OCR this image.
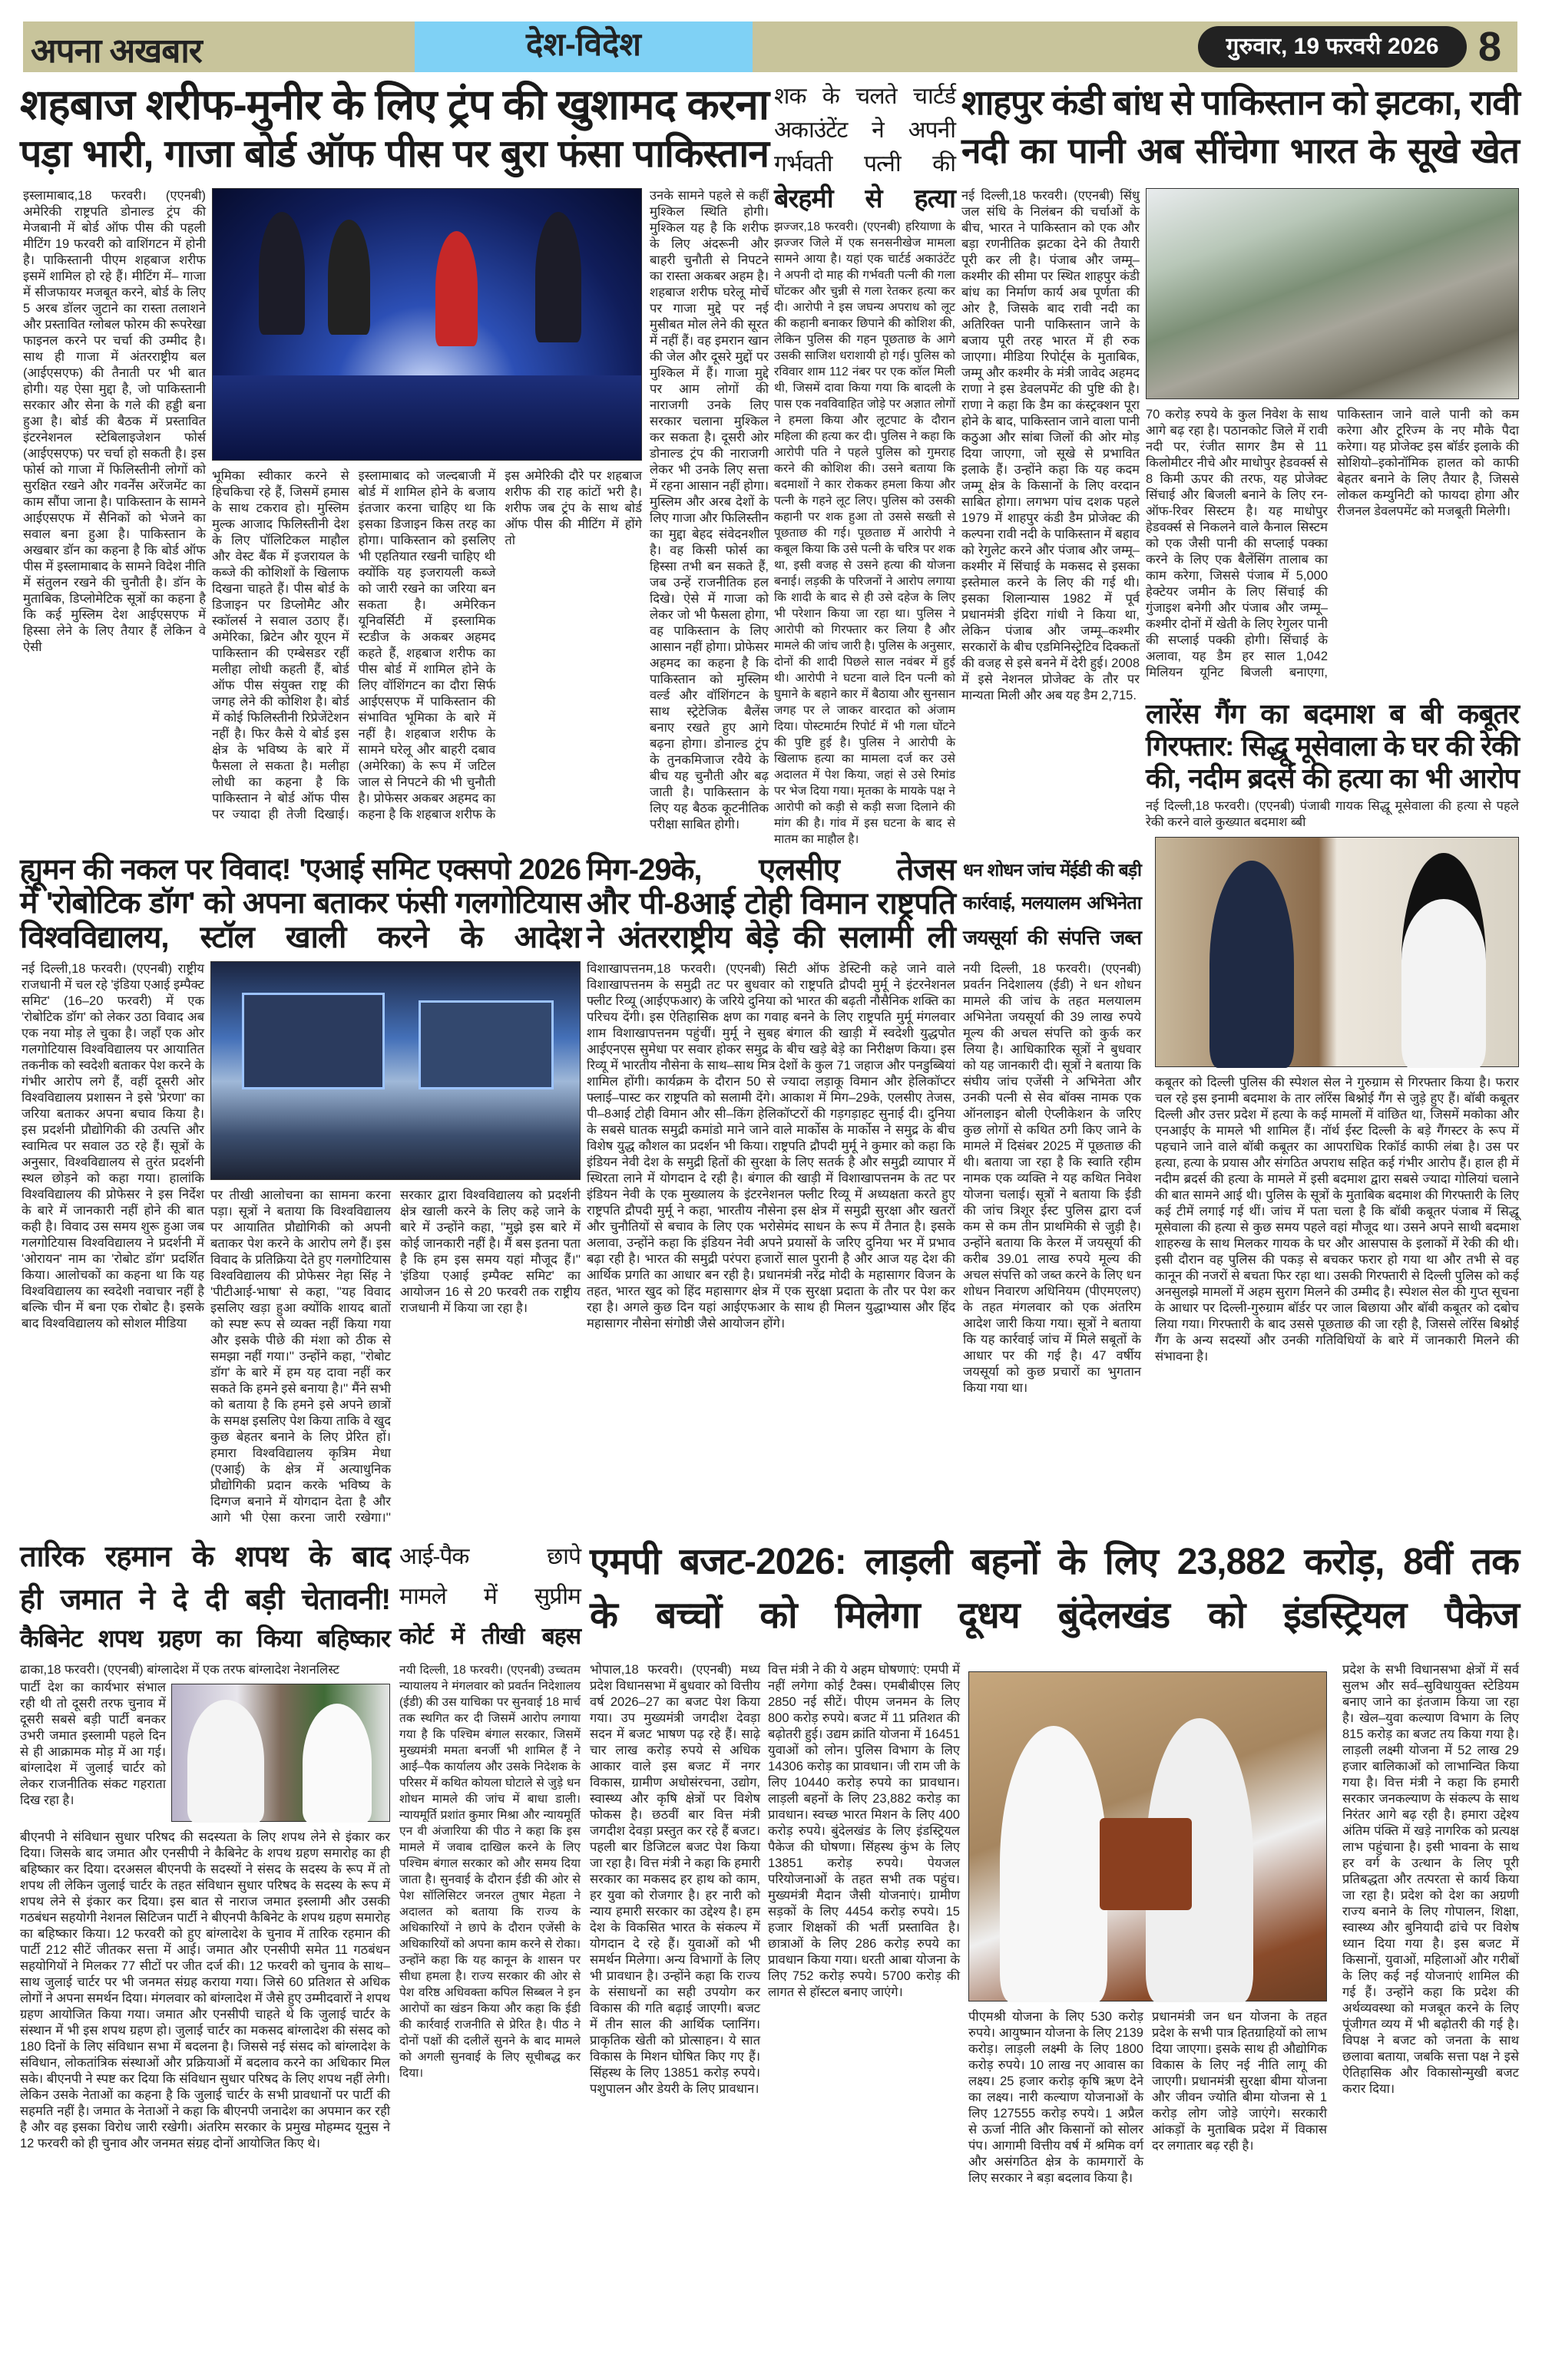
अपना अखबार	देश-विदेश	गुरुवार, 19 फरवरी 2026 8
शहबाज शरीफ-मुनीर के लिए ट्रंप की खुशामद करना
पड़ा भारी, गाजा बोर्ड ऑफ पीस पर बुरा फंसा पाकिस्तान
इस्लामाबाद,18 फरवरी। (एएनबी) अमेरिकी राष्ट्रपति डोनाल्ड ट्रंप की मेजबानी में बोर्ड ऑफ पीस की पहली मीटिंग 19 फरवरी को वाशिंगटन में होनी है। पाकिस्तानी पीएम शहबाज शरीफ इसमें शामिल हो रहे हैं। मीटिंग में– गाजा में सीजफायर मजबूत करने, बोर्ड के लिए 5 अरब डॉलर जुटाने का रास्ता तलाशने और प्रस्तावित ग्लोबल फोरम की रूपरेखा फाइनल करने पर चर्चा की उम्मीद है। साथ ही गाजा में अंतरराष्ट्रीय बल (आईएसएफ) की तैनाती पर भी बात होगी। यह ऐसा मुद्दा है, जो पाकिस्तानी सरकार और सेना के गले की हड्डी बना हुआ है। बोर्ड की बैठक में प्रस्तावित इंटरनेशनल स्टेबिलाइजेशन फोर्स (आईएसएफ) पर चर्चा हो सकती है। इस फोर्स को गाजा में फिलिस्तीनी लोगों को सुरक्षित रखने और गवर्नेंस अरेंजमेंट का काम सौंपा जाना है। पाकिस्तान के सामने आईएसएफ में सैनिकों को भेजने का सवाल बना हुआ है। पाकिस्तान के अखबार डॉन का कहना है कि बोर्ड ऑफ पीस में इस्लामाबाद के सामने विदेश नीति में संतुलन रखने की चुनौती है। डॉन के मुताबिक, डिप्लोमेटिक सूत्रों का कहना है कि कई मुस्लिम देश आईएसएफ में हिस्सा लेने के लिए तैयार हैं लेकिन वे ऐसी
भूमिका स्वीकार करने से हिचकिचा रहे हैं, जिसमें हमास के साथ टकराव हो। मुस्लिम मुल्क आजाद फिलिस्तीनी देश के लिए पॉलिटिकल माहौल और वेस्ट बैंक में इजरायल के कब्जे की कोशिशों के खिलाफ दिखना चाहते हैं। पीस बोर्ड के डिजाइन पर डिप्लोमैट और स्कॉलर्स ने सवाल उठाए हैं। अमेरिका, ब्रिटेन और यूएन में पाकिस्तान की एम्बेसडर रहीं मलीहा लोधी कहती हैं, बोर्ड ऑफ पीस संयुक्त राष्ट्र की जगह लेने की कोशिश है। बोर्ड में कोई फिलिस्तीनी रिप्रेजेंटेशन नहीं है। फिर कैसे ये बोर्ड इस क्षेत्र के भविष्य के बारे में फैसला ले सकता है। मलीहा लोधी का कहना है कि पाकिस्तान ने बोर्ड ऑफ पीस पर ज्यादा ही तेजी दिखाई। इस्लामाबाद को जल्दबाजी में बोर्ड में शामिल होने के बजाय इंतजार करना चाहिए था कि इसका डिजाइन किस तरह का होगा। पाकिस्तान को इसलिए भी एहतियात रखनी चाहिए थी क्योंकि यह इजरायली कब्जे को जारी रखने का जरिया बन सकता है। अमेरिकन यूनिवर्सिटी में इस्लामिक स्टडीज के अकबर अहमद कहते हैं, शहबाज शरीफ का पीस बोर्ड में शामिल होने के लिए वॉशिंगटन का दौरा सिर्फ आईएसएफ में पाकिस्तान की संभावित भूमिका के बारे में नहीं है। शहबाज शरीफ के सामने घरेलू और बाहरी दबाव (अमेरिका) के रूप में जटिल जाल से निपटने की भी चुनौती है। प्रोफेसर अकबर अहमद का कहना है कि शहबाज शरीफ के इस अमेरिकी दौरे पर शहबाज शरीफ की राह कांटों भरी है। शरीफ जब ट्रंप के साथ बोर्ड ऑफ पीस की मीटिंग में होंगे तो
उनके सामने पहले से कहीं मुश्किल स्थिति होगी। मुश्किल यह है कि शरीफ के लिए अंदरूनी और बाहरी चुनौती से निपटने का रास्ता अकबर अहम है। शहबाज शरीफ घरेलू मोर्चे पर गाजा मुद्दे पर नई मुसीबत मोल लेने की सूरत में नहीं हैं। वह इमरान खान की जेल और दूसरे मुद्दों पर मुश्किल में हैं। गाजा मुद्दे पर आम लोगों की नाराजगी उनके लिए सरकार चलाना मुश्किल कर सकता है। दूसरी ओर डोनाल्ड ट्रंप की नाराजगी लेकर भी उनके लिए सत्ता में रहना आसान नहीं होगा। मुस्लिम और अरब देशों के लिए गाजा और फिलिस्तीन का मुद्दा बेहद संवेदनशील है। वह किसी फोर्स का हिस्सा तभी बन सकते हैं, जब उन्हें राजनीतिक हल दिखे। ऐसे में गाजा को लेकर जो भी फैसला होगा, वह पाकिस्तान के लिए आसान नहीं होगा। प्रोफेसर अहमद का कहना है कि पाकिस्तान को मुस्लिम वर्ल्ड और वॉशिंगटन के साथ स्ट्रेटेजिक बैलेंस बनाए रखते हुए आगे बढ़ना होगा। डोनाल्ड ट्रंप के तुनकमिजाज रवैये के बीच यह चुनौती और बढ़ जाती है। पाकिस्तान के लिए यह बैठक कूटनीतिक परीक्षा साबित होगी।
शक के चलते चार्टर्ड
अकाउंटेंट ने अपनी
गर्भवती पत्नी की
बेरहमी से हत्या
झज्जर,18 फरवरी। (एएनबी) हरियाणा के झज्जर जिले में एक सनसनीखेज मामला सामने आया है। यहां एक चार्टर्ड अकाउंटेंट ने अपनी दो माह की गर्भवती पत्नी की गला घोंटकर और चुन्नी से गला रेतकर हत्या कर दी। आरोपी ने इस जघन्य अपराध को लूट की कहानी बनाकर छिपाने की कोशिश की, लेकिन पुलिस की गहन पूछताछ के आगे उसकी साजिश धराशायी हो गई। पुलिस को रविवार शाम 112 नंबर पर एक कॉल मिली थी, जिसमें दावा किया गया कि बादली के पास एक नवविवाहित जोड़े पर अज्ञात लोगों ने हमला किया और लूटपाट के दौरान महिला की हत्या कर दी। पुलिस ने कहा कि आरोपी पति ने पहले पुलिस को गुमराह करने की कोशिश की। उसने बताया कि बदमाशों ने कार रोककर हमला किया और पत्नी के गहने लूट लिए। पुलिस को उसकी कहानी पर शक हुआ तो उससे सख्ती से पूछताछ की गई। पूछताछ में आरोपी ने कबूल किया कि उसे पत्नी के चरित्र पर शक था, इसी वजह से उसने हत्या की योजना बनाई। लड़की के परिजनों ने आरोप लगाया कि शादी के बाद से ही उसे दहेज के लिए भी परेशान किया जा रहा था। पुलिस ने आरोपी को गिरफ्तार कर लिया है और मामले की जांच जारी है। पुलिस के अनुसार, दोनों की शादी पिछले साल नवंबर में हुई थी। आरोपी ने घटना वाले दिन पत्नी को घुमाने के बहाने कार में बैठाया और सुनसान जगह पर ले जाकर वारदात को अंजाम दिया। पोस्टमार्टम रिपोर्ट में भी गला घोंटने की पुष्टि हुई है। पुलिस ने आरोपी के खिलाफ हत्या का मामला दर्ज कर उसे अदालत में पेश किया, जहां से उसे रिमांड पर भेज दिया गया। मृतका के मायके पक्ष ने आरोपी को कड़ी से कड़ी सजा दिलाने की मांग की है। गांव में इस घटना के बाद से मातम का माहौल है।
शाहपुर कंडी बांध से पाकिस्तान को झटका, रावी
नदी का पानी अब सींचेगा भारत के सूखे खेत
नई दिल्ली,18 फरवरी। (एएनबी) सिंधु जल संधि के निलंबन की चर्चाओं के बीच, भारत ने पाकिस्तान को एक और बड़ा रणनीतिक झटका देने की तैयारी पूरी कर ली है। पंजाब और जम्मू–कश्मीर की सीमा पर स्थित शाहपुर कंडी बांध का निर्माण कार्य अब पूर्णता की ओर है, जिसके बाद रावी नदी का अतिरिक्त पानी पाकिस्तान जाने के बजाय पूरी तरह भारत में ही रुक जाएगा। मीडिया रिपोर्ट्स के मुताबिक, जम्मू और कश्मीर के मंत्री जावेद अहमद राणा ने इस डेवलपमेंट की पुष्टि की है। राणा ने कहा कि डैम का कंस्ट्रक्शन पूरा होने के बाद, पाकिस्तान जाने वाला पानी कठुआ और सांबा जिलों की ओर मोड़ दिया जाएगा, जो सूखे से प्रभावित इलाके हैं। उन्होंने कहा कि यह कदम जम्मू क्षेत्र के किसानों के लिए वरदान साबित होगा। लगभग पांच दशक पहले 1979 में शाहपुर कंडी डैम प्रोजेक्ट की कल्पना रावी नदी के पाकिस्तान में बहाव को रेगुलेट करने और पंजाब और जम्मू–कश्मीर में सिंचाई के मकसद से इसका इस्तेमाल करने के लिए की गई थी। इसका शिलान्यास 1982 में पूर्व प्रधानमंत्री इंदिरा गांधी ने किया था, लेकिन पंजाब और जम्मू–कश्मीर सरकारों के बीच एडमिनिस्ट्रेटिव दिक्कतों की वजह से इसे बनने में देरी हुई। 2008 में इसे नेशनल प्रोजेक्ट के तौर पर मान्यता मिली और अब यह डैम 2,715.
70 करोड़ रुपये के कुल निवेश के साथ आगे बढ़ रहा है। पठानकोट जिले में रावी नदी पर, रंजीत सागर डैम से 11 किलोमीटर नीचे और माधोपुर हेडवर्क्स से 8 किमी ऊपर की तरफ, यह प्रोजेक्ट सिंचाई और बिजली बनाने के लिए रन-ऑफ-रिवर सिस्टम है। यह माधोपुर हेडवर्क्स से निकलने वाले कैनाल सिस्टम को एक जैसी पानी की सप्लाई पक्का करने के लिए एक बैलेंसिंग तालाब का काम करेगा, जिससे पंजाब में 5,000 हेक्टेयर जमीन के लिए सिंचाई की गुंजाइश बनेगी और पंजाब और जम्मू–कश्मीर दोनों में खेती के लिए रेगुलर पानी की सप्लाई पक्की होगी। सिंचाई के अलावा, यह डैम हर साल 1,042 मिलियन यूनिट बिजली बनाएगा, पाकिस्तान जाने वाले पानी को कम करेगा और टूरिज्म के नए मौके पैदा करेगा। यह प्रोजेक्ट इस बॉर्डर इलाके की सोशियो–इकोनॉमिक हालत को काफी बेहतर बनाने के लिए तैयार है, जिससे लोकल कम्युनिटी को फायदा होगा और रीजनल डेवलपमेंट को मजबूती मिलेगी।
लारेंस गैंग का बदमाश ब बी कबूतर
गिरफ्तार: सिद्धू मूसेवाला के घर की रेकी
की, नदीम ब्रदर्स की हत्या का भी आरोप
नई दिल्ली,18 फरवरी। (एएनबी) पंजाबी गायक सिद्धू मूसेवाला की हत्या से पहले रेकी करने वाले कुख्यात बदमाश ब्बी
कबूतर को दिल्ली पुलिस की स्पेशल सेल ने गुरुग्राम से गिरफ्तार किया है। फरार चल रहे इस इनामी बदमाश के तार लॉरेंस बिश्नोई गैंग से जुड़े हुए हैं। बॉबी कबूतर दिल्ली और उत्तर प्रदेश में हत्या के कई मामलों में वांछित था, जिसमें मकोका और एनआईए के मामले भी शामिल हैं। नॉर्थ ईस्ट दिल्ली के बड़े गैंगस्टर के रूप में पहचाने जाने वाले बॉबी कबूतर का आपराधिक रिकॉर्ड काफी लंबा है। उस पर हत्या, हत्या के प्रयास और संगठित अपराध सहित कई गंभीर आरोप हैं। हाल ही में नदीम ब्रदर्स की हत्या के मामले में इसी बदमाश द्वारा सबसे ज्यादा गोलियां चलाने की बात सामने आई थी। पुलिस के सूत्रों के मुताबिक बदमाश की गिरफ्तारी के लिए कई टीमें लगाई गई थीं। जांच में पता चला है कि बॉबी कबूतर पंजाब में सिद्धू मूसेवाला की हत्या से कुछ समय पहले वहां मौजूद था। उसने अपने साथी बदमाश शाहरुख के साथ मिलकर गायक के घर और आसपास के इलाकों में रेकी की थी। इसी दौरान वह पुलिस की पकड़ से बचकर फरार हो गया था और तभी से वह कानून की नजरों से बचता फिर रहा था। उसकी गिरफ्तारी से दिल्ली पुलिस को कई अनसुलझे मामलों में अहम सुराग मिलने की उम्मीद है। स्पेशल सेल की गुप्त सूचना के आधार पर दिल्ली-गुरुग्राम बॉर्डर पर जाल बिछाया और बॉबी कबूतर को दबोच लिया गया। गिरफ्तारी के बाद उससे पूछताछ की जा रही है, जिससे लॉरेंस बिश्नोई गैंग के अन्य सदस्यों और उनकी गतिविधियों के बारे में जानकारी मिलने की संभावना है।
ह्यूमन की नकल पर विवाद! 'एआई समिट एक्सपो 2026
में 'रोबोटिक डॉग' को अपना बताकर फंसी गलगोटियास
विश्वविद्यालय, स्टॉल खाली करने के आदेश
नई दिल्ली,18 फरवरी। (एएनबी) राष्ट्रीय राजधानी में चल रहे 'इंडिया एआई इम्पैक्ट समिट' (16–20 फरवरी) में एक 'रोबोटिक डॉग' को लेकर उठा विवाद अब एक नया मोड़ ले चुका है। जहाँ एक ओर गलगोटियास विश्वविद्यालय पर आयातित तकनीक को स्वदेशी बताकर पेश करने के गंभीर आरोप लगे हैं, वहीं दूसरी ओर विश्वविद्यालय प्रशासन ने इसे 'प्रेरणा' का जरिया बताकर अपना बचाव किया है। इस प्रदर्शनी प्रौद्योगिकी की उत्पत्ति और स्वामित्व पर सवाल उठ रहे हैं। सूत्रों के अनुसार, विश्वविद्यालय से तुरंत प्रदर्शनी स्थल छोड़ने को कहा गया। हालांकि विश्वविद्यालय की प्रोफेसर ने इस निर्देश के बारे में जानकारी नहीं होने की बात कही है। विवाद उस समय शुरू हुआ जब गलगोटियास विश्वविद्यालय ने प्रदर्शनी में 'ओरायन' नाम का 'रोबोट डॉग' प्रदर्शित किया। आलोचकों का कहना था कि यह विश्वविद्यालय का स्वदेशी नवाचार नहीं है बल्कि चीन में बना एक रोबोट है। इसके बाद विश्वविद्यालय को सोशल मीडिया
पर तीखी आलोचना का सामना करना पड़ा। सूत्रों ने बताया कि विश्वविद्यालय पर आयातित प्रौद्योगिकी को अपनी बताकर पेश करने के आरोप लगे हैं। इस विवाद के प्रतिक्रिया देते हुए गलगोटियास विश्वविद्यालय की प्रोफेसर नेहा सिंह ने 'पीटीआई-भाषा' से कहा, ''यह विवाद इसलिए खड़ा हुआ क्योंकि शायद बातों को स्पष्ट रूप से व्यक्त नहीं किया गया और इसके पीछे की मंशा को ठीक से समझा नहीं गया।'' उन्होंने कहा, ''रोबोट डॉग' के बारे में हम यह दावा नहीं कर सकते कि हमने इसे बनाया है।'' मैंने सभी को बताया है कि हमने इसे अपने छात्रों के समक्ष इसलिए पेश किया ताकि वे खुद कुछ बेहतर बनाने के लिए प्रेरित हों। हमारा विश्वविद्यालय कृत्रिम मेधा (एआई) के क्षेत्र में अत्याधुनिक प्रौद्योगिकी प्रदान करके भविष्य के दिग्गज बनाने में योगदान देता है और आगे भी ऐसा करना जारी रखेगा।'' सरकार द्वारा विश्वविद्यालय को प्रदर्शनी क्षेत्र खाली करने के लिए कहे जाने के बारे में उन्होंने कहा, ''मुझे इस बारे में कोई जानकारी नहीं है। मैं बस इतना पता है कि हम इस समय यहां मौजूद हैं।'' 'इंडिया एआई इम्पैक्ट समिट' का आयोजन 16 से 20 फरवरी तक राष्ट्रीय राजधानी में किया जा रहा है।
मिग-29के, एलसीए तेजस
और पी-8आई टोही विमान राष्ट्रपति
ने अंतरराष्ट्रीय बेड़े की सलामी ली
विशाखापत्तनम,18 फरवरी। (एएनबी) सिटी ऑफ डेस्टिनी कहे जाने वाले विशाखापत्तनम के समुद्री तट पर बुधवार को राष्ट्रपति द्रौपदी मुर्मू ने इंटरनेशनल फ्लीट रिव्यू (आईएफआर) के जरिये दुनिया को भारत की बढ़ती नौसैनिक शक्ति का परिचय देंगी। इस ऐतिहासिक क्षण का गवाह बनने के लिए राष्ट्रपति मुर्मू मंगलवार शाम विशाखापत्तनम पहुंचीं। मुर्मू ने सुबह बंगाल की खाड़ी में स्वदेशी युद्धपोत आईएनएस सुमेधा पर सवार होकर समुद्र के बीच खड़े बेड़े का निरीक्षण किया। इस रिव्यू में भारतीय नौसेना के साथ–साथ मित्र देशों के कुल 71 जहाज और पनडुब्बियां शामिल होंगी। कार्यक्रम के दौरान 50 से ज्यादा लड़ाकू विमान और हेलिकॉप्टर फ्लाई–पास्ट कर राष्ट्रपति को सलामी देंगे। आकाश में मिग–29के, एलसीए तेजस, पी–8आई टोही विमान और सी–किंग हेलिकॉप्टरों की गड़गड़ाहट सुनाई दी। दुनिया के सबसे घातक समुद्री कमांडो माने जाने वाले मार्कोस के मार्कोस ने समुद्र के बीच विशेष युद्ध कौशल का प्रदर्शन भी किया। राष्ट्रपति द्रौपदी मुर्मू ने कुमार को कहा कि इंडियन नेवी देश के समुद्री हितों की सुरक्षा के लिए सतर्क है और समुद्री व्यापार में स्थिरता लाने में योगदान दे रही है। बंगाल की खाड़ी में विशाखापत्तनम के तट पर इंडियन नेवी के एक मुख्यालय के इंटरनेशनल फ्लीट रिव्यू में अध्यक्षता करते हुए राष्ट्रपति द्रौपदी मुर्मू ने कहा, भारतीय नौसेना इस क्षेत्र में समुद्री सुरक्षा और खतरों और चुनौतियों से बचाव के लिए एक भरोसेमंद साधन के रूप में तैनात है। इसके अलावा, उन्होंने कहा कि इंडियन नेवी अपने प्रयासों के जरिए दुनिया भर में प्रभाव बढ़ा रही है। भारत की समुद्री परंपरा हजारों साल पुरानी है और आज यह देश की आर्थिक प्रगति का आधार बन रही है। प्रधानमंत्री नरेंद्र मोदी के महासागर विजन के तहत, भारत खुद को हिंद महासागर क्षेत्र में एक सुरक्षा प्रदाता के तौर पर पेश कर रहा है। अगले कुछ दिन यहां आईएफआर के साथ ही मिलन युद्धाभ्यास और हिंद महासागर नौसेना संगोष्ठी जैसे आयोजन होंगे।
धन शोधन जांच मेंईडी की बड़ी
कार्रवाई, मलयालम अभिनेता
जयसूर्या की संपत्ति जब्त
नयी दिल्ली, 18 फरवरी। (एएनबी) प्रवर्तन निदेशालय (ईडी) ने धन शोधन मामले की जांच के तहत मलयालम अभिनेता जयसूर्या की 39 लाख रुपये मूल्य की अचल संपत्ति को कुर्क कर लिया है। आधिकारिक सूत्रों ने बुधवार को यह जानकारी दी। सूत्रों ने बताया कि संघीय जांच एजेंसी ने अभिनेता और उनकी पत्नी से सेव बॉक्स नामक एक ऑनलाइन बोली ऐप्लीकेशन के जरिए कुछ लोगों से कथित ठगी किए जाने के मामले में दिसंबर 2025 में पूछताछ की थी। बताया जा रहा है कि स्वाति रहीम नामक एक व्यक्ति ने यह कथित निवेश योजना चलाई। सूत्रों ने बताया कि ईडी की जांच त्रिशूर ईस्ट पुलिस द्वारा दर्ज कम से कम तीन प्राथमिकी से जुड़ी है। उन्होंने बताया कि केरल में जयसूर्या की करीब 39.01 लाख रुपये मूल्य की अचल संपत्ति को जब्त करने के लिए धन शोधन निवारण अधिनियम (पीएमएलए) के तहत मंगलवार को एक अंतरिम आदेश जारी किया गया। सूत्रों ने बताया कि यह कार्रवाई जांच में मिले सबूतों के आधार पर की गई है। 47 वर्षीय जयसूर्या को कुछ प्रचारों का भुगतान किया गया था।
तारिक रहमान के शपथ के बाद
ही जमात ने दे दी बड़ी चेतावनी!
कैबिनेट शपथ ग्रहण का किया बहिष्कार
ढाका,18 फरवरी। (एएनबी) बांग्लादेश में एक तरफ बांग्लादेश नेशनलिस्ट
पार्टी देश का कार्यभार संभाल रही थी तो दूसरी तरफ चुनाव में दूसरी सबसे बड़ी पार्टी बनकर उभरी जमात इस्लामी पहले दिन से ही आक्रामक मोड़ में आ गई। बांग्लादेश में जुलाई चार्टर को लेकर राजनीतिक संकट गहराता दिख रहा है।
बीएनपी ने संविधान सुधार परिषद की सदस्यता के लिए शपथ लेने से इंकार कर दिया। जिसके बाद जमात और एनसीपी ने कैबिनेट के शपथ ग्रहण समारोह का ही बहिष्कार कर दिया। दरअसल बीएनपी के सदस्यों ने संसद के सदस्य के रूप में तो शपथ ली लेकिन जुलाई चार्टर के तहत संविधान सुधार परिषद के सदस्य के रूप में शपथ लेने से इंकार कर दिया। इस बात से नाराज जमात इस्लामी और उसकी गठबंधन सहयोगी नेशनल सिटिजन पार्टी ने बीएनपी कैबिनेट के शपथ ग्रहण समारोह का बहिष्कार किया। 12 फरवरी को हुए बांग्लादेश के चुनाव में तारिक रहमान की पार्टी 212 सीटें जीतकर सत्ता में आई। जमात और एनसीपी समेत 11 गठबंधन सहयोगियों ने मिलकर 77 सीटों पर जीत दर्ज की। 12 फरवरी को चुनाव के साथ–साथ जुलाई चार्टर पर भी जनमत संग्रह कराया गया। जिसे 60 प्रतिशत से अधिक लोगों ने अपना समर्थन दिया। मंगलवार को बांग्लादेश में जैसे हुए उम्मीदवारों ने शपथ ग्रहण आयोजित किया गया। जमात और एनसीपी चाहते थे कि जुलाई चार्टर के संस्थान में भी इस शपथ ग्रहण हो। जुलाई चार्टर का मकसद बांग्लादेश की संसद को 180 दिनों के लिए संविधान सभा में बदलना है। जिससे नई संसद को बांग्लादेश के संविधान, लोकतांत्रिक संस्थाओं और प्रक्रियाओं में बदलाव करने का अधिकार मिल सके। बीएनपी ने स्पष्ट कर दिया कि संविधान सुधार परिषद के लिए शपथ नहीं लेगी। लेकिन उसके नेताओं का कहना है कि जुलाई चार्टर के सभी प्रावधानों पर पार्टी की सहमति नहीं है। जमात के नेताओं ने कहा कि बीएनपी जनादेश का अपमान कर रही है और वह इसका विरोध जारी रखेगी। अंतरिम सरकार के प्रमुख मोहम्मद यूनुस ने 12 फरवरी को ही चुनाव और जनमत संग्रह दोनों आयोजित किए थे।
आई-पैक छापे
मामले में सुप्रीम
कोर्ट में तीखी बहस
नयी दिल्ली, 18 फरवरी। (एएनबी) उच्चतम न्यायालय ने मंगलवार को प्रवर्तन निदेशालय (ईडी) की उस याचिका पर सुनवाई 18 मार्च तक स्थगित कर दी जिसमें आरोप लगाया गया है कि पश्चिम बंगाल सरकार, जिसमें मुख्यमंत्री ममता बनर्जी भी शामिल हैं ने आई–पैक कार्यालय और उसके निदेशक के परिसर में कथित कोयला घोटाले से जुड़े धन शोधन मामले की जांच में बाधा डाली। न्यायमूर्ति प्रशांत कुमार मिश्रा और न्यायमूर्ति एन वी अंजारिया की पीठ ने कहा कि इस मामले में जवाब दाखिल करने के लिए पश्चिम बंगाल सरकार को और समय दिया जाता है। सुनवाई के दौरान ईडी की ओर से पेश सॉलिसिटर जनरल तुषार मेहता ने अदालत को बताया कि राज्य के अधिकारियों ने छापे के दौरान एजेंसी के अधिकारियों को अपना काम करने से रोका। उन्होंने कहा कि यह कानून के शासन पर सीधा हमला है। राज्य सरकार की ओर से पेश वरिष्ठ अधिवक्ता कपिल सिब्बल ने इन आरोपों का खंडन किया और कहा कि ईडी की कार्रवाई राजनीति से प्रेरित है। पीठ ने दोनों पक्षों की दलीलें सुनने के बाद मामले को अगली सुनवाई के लिए सूचीबद्ध कर दिया।
एमपी बजट-2026: लाड़ली बहनों के लिए 23,882 करोड़, 8वीं तक
के बच्चों को मिलेगा दूधय बुंदेलखंड को इंडस्ट्रियल पैकेज
भोपाल,18 फरवरी। (एएनबी) मध्य प्रदेश विधानसभा में बुधवार को वित्तीय वर्ष 2026–27 का बजट पेश किया गया। उप मुख्यमंत्री जगदीश देवड़ा सदन में बजट भाषण पढ़ रहे हैं। साढ़े चार लाख करोड़ रुपये से अधिक आकार वाले इस बजट में नगर विकास, ग्रामीण अधोसंरचना, उद्योग, स्वास्थ्य और कृषि क्षेत्रों पर विशेष फोकस है। छठवीं बार वित्त मंत्री जगदीश देवड़ा प्रस्तुत कर रहे हैं बजट। पहली बार डिजिटल बजट पेश किया जा रहा है। वित्त मंत्री ने कहा कि हमारी सरकार का मकसद हर हाथ को काम, हर युवा को रोजगार है। हर नारी को न्याय हमारी सरकार का उद्देश्य है। हम देश के विकसित भारत के संकल्प में योगदान दे रहे हैं। युवाओं को भी समर्थन मिलेगा। अन्य विभागों के लिए भी प्रावधान है। उन्होंने कहा कि राज्य के संसाधनों का सही उपयोग कर विकास की गति बढ़ाई जाएगी। बजट में तीन साल की आर्थिक प्लानिंग। प्राकृतिक खेती को प्रोत्साहन। ये सात विकास के मिशन घोषित किए गए हैं। सिंहस्थ के लिए 13851 करोड़ रुपये। पशुपालन और डेयरी के लिए प्रावधान।
वित्त मंत्री ने की ये अहम घोषणाएं: एमपी में नहीं लगेगा कोई टैक्स। एमबीबीएस लिए 2850 नई सीटें। पीएम जनमन के लिए 800 करोड़ रुपये। बजट में 11 प्रतिशत की बढ़ोतरी हुई। उद्यम क्रांति योजना में 16451 युवाओं को लोन। पुलिस विभाग के लिए 14306 करोड़ का प्रावधान। जी राम जी के लिए 10440 करोड़ रुपये का प्रावधान। लाड़ली बहनों के लिए 23,882 करोड़ का प्रावधान। स्वच्छ भारत मिशन के लिए 400 करोड़ रुपये। बुंदेलखंड के लिए इंडस्ट्रियल पैकेज की घोषणा। सिंहस्थ कुंभ के लिए 13851 करोड़ रुपये। पेयजल परियोजनाओं के तहत सभी तक पहुंच। मुख्यमंत्री मैदान जैसी योजनाएं। ग्रामीण सड़कों के लिए 4454 करोड़ रुपये। 15 हजार शिक्षकों की भर्ती प्रस्तावित है। छात्राओं के लिए 286 करोड़ रुपये का प्रावधान किया गया। धरती आबा योजना के लिए 752 करोड़ रुपये। 5700 करोड़ की लागत से हॉस्टल बनाए जाएंगे।
पीएमश्री योजना के लिए 530 करोड़ रुपये। आयुष्मान योजना के लिए 2139 करोड़। लाड़ली लक्ष्मी के लिए 1800 करोड़ रुपये। 10 लाख नए आवास का लक्ष्य। 25 हजार करोड़ कृषि ऋण देने का लक्ष्य। नारी कल्याण योजनाओं के लिए 127555 करोड़ रुपये। 1 अप्रैल से ऊर्जा नीति और किसानों को सोलर पंप। आगामी वित्तीय वर्ष में श्रमिक वर्ग और असंगठित क्षेत्र के कामगारों के लिए सरकार ने बड़ा बदलाव किया है।
प्रधानमंत्री जन धन योजना के तहत प्रदेश के सभी पात्र हितग्राहियों को लाभ दिया जाएगा। इसके साथ ही औद्योगिक विकास के लिए नई नीति लागू की जाएगी। प्रधानमंत्री सुरक्षा बीमा योजना और जीवन ज्योति बीमा योजना से 1 करोड़ लोग जोड़े जाएंगे। सरकारी आंकड़ों के मुताबिक प्रदेश में विकास दर लगातार बढ़ रही है।
प्रदेश के सभी विधानसभा क्षेत्रों में सर्व सुलभ और सर्व–सुविधायुक्त स्टेडियम बनाए जाने का इंतजाम किया जा रहा है। खेल–युवा कल्याण विभाग के लिए 815 करोड़ का बजट तय किया गया है। लाड़ली लक्ष्मी योजना में 52 लाख 29 हजार बालिकाओं को लाभान्वित किया गया है। वित्त मंत्री ने कहा कि हमारी सरकार जनकल्याण के संकल्प के साथ निरंतर आगे बढ़ रही है। हमारा उद्देश्य अंतिम पंक्ति में खड़े नागरिक को प्रत्यक्ष लाभ पहुंचाना है। इसी भावना के साथ हर वर्ग के उत्थान के लिए पूरी प्रतिबद्धता और तत्परता से कार्य किया जा रहा है। प्रदेश को देश का अग्रणी राज्य बनाने के लिए गोपालन, शिक्षा, स्वास्थ्य और बुनियादी ढांचे पर विशेष ध्यान दिया गया है। इस बजट में किसानों, युवाओं, महिलाओं और गरीबों के लिए कई नई योजनाएं शामिल की गई हैं। उन्होंने कहा कि प्रदेश की अर्थव्यवस्था को मजबूत करने के लिए पूंजीगत व्यय में भी बढ़ोतरी की गई है। विपक्ष ने बजट को जनता के साथ छलावा बताया, जबकि सत्ता पक्ष ने इसे ऐतिहासिक और विकासोन्मुखी बजट करार दिया।
